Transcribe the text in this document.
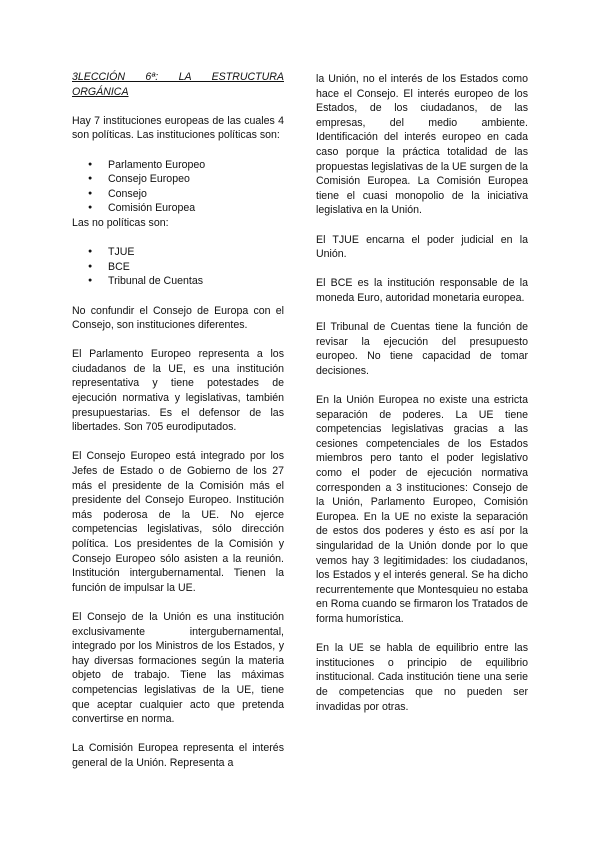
3LECCIÓN 6ª: LA ESTRUCTURA ORGÁNICA

Hay 7 instituciones europeas de las cuales 4 son políticas. Las instituciones políticas son:

● Parlamento Europeo
● Consejo Europeo
● Consejo
● Comisión Europea

Las no políticas son:

● TJUE
● BCE
● Tribunal de Cuentas

No confundir el Consejo de Europa con el Consejo, son instituciones diferentes.

El Parlamento Europeo representa a los ciudadanos de la UE, es una institución representativa y tiene potestades de ejecución normativa y legislativas, también presupuestarias. Es el defensor de las libertades. Son 705 eurodiputados.

El Consejo Europeo está integrado por los Jefes de Estado o de Gobierno de los 27 más el presidente de la Comisión más el presidente del Consejo Europeo. Institución más poderosa de la UE. No ejerce competencias legislativas, sólo dirección política. Los presidentes de la Comisión y Consejo Europeo sólo asisten a la reunión. Institución intergubernamental. Tienen la función de impulsar la UE.

El Consejo de la Unión es una institución exclusivamente intergubernamental, integrado por los Ministros de los Estados, y hay diversas formaciones según la materia objeto de trabajo. Tiene las máximas competencias legislativas de la UE, tiene que aceptar cualquier acto que pretenda convertirse en norma.

La Comisión Europea representa el interés general de la Unión. Representa a

la Unión, no el interés de los Estados como hace el Consejo. El interés europeo de los Estados, de los ciudadanos, de las empresas, del medio ambiente. Identificación del interés europeo en cada caso porque la práctica totalidad de las propuestas legislativas de la UE surgen de la Comisión Europea. La Comisión Europea tiene el cuasi monopolio de la iniciativa legislativa en la Unión.

El TJUE encarna el poder judicial en la Unión.

El BCE es la institución responsable de la moneda Euro, autoridad monetaria europea.

El Tribunal de Cuentas tiene la función de revisar la ejecución del presupuesto europeo. No tiene capacidad de tomar decisiones.

En la Unión Europea no existe una estricta separación de poderes. La UE tiene competencias legislativas gracias a las cesiones competenciales de los Estados miembros pero tanto el poder legislativo como el poder de ejecución normativa corresponden a 3 instituciones: Consejo de la Unión, Parlamento Europeo, Comisión Europea. En la UE no existe la separación de estos dos poderes y ésto es así por la singularidad de la Unión donde por lo que vemos hay 3 legitimidades: los ciudadanos, los Estados y el interés general. Se ha dicho recurrentemente que Montesquieu no estaba en Roma cuando se firmaron los Tratados de forma humorística.

En la UE se habla de equilibrio entre las instituciones o principio de equilibrio institucional. Cada institución tiene una serie de competencias que no pueden ser invadidas por otras.
